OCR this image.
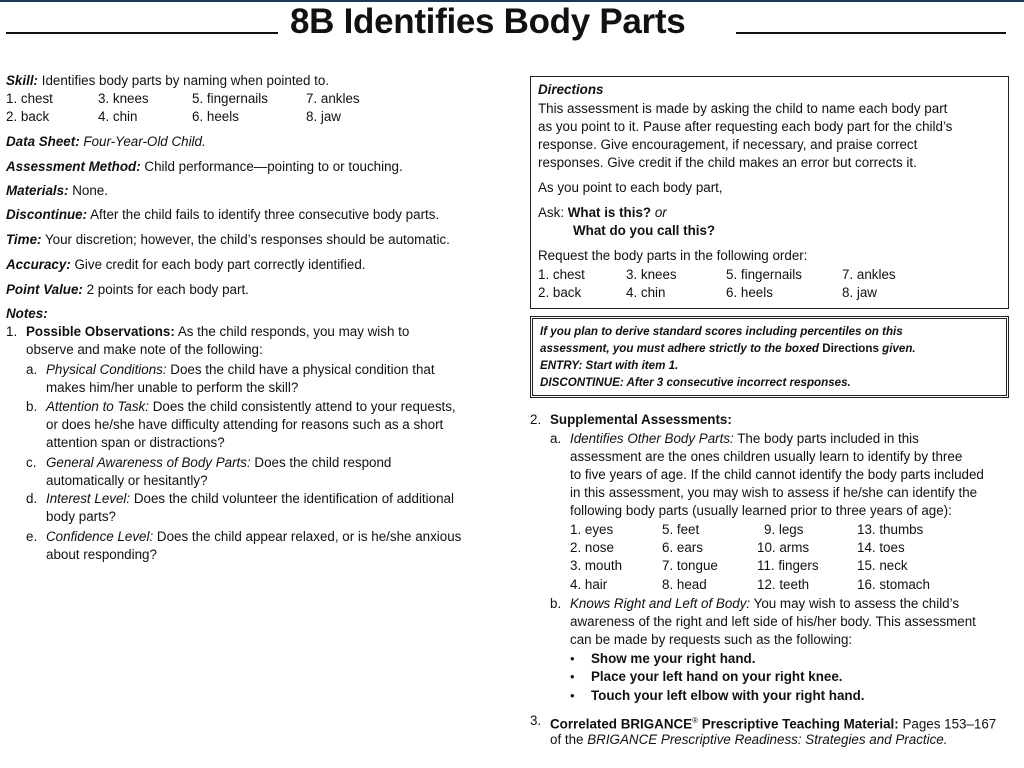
8B Identifies Body Parts
Skill: Identifies body parts by naming when pointed to.
1. chest	3. knees	5. fingernails	7. ankles
2. back	4. chin	6. heels	8. jaw
Data Sheet: Four-Year-Old Child.
Assessment Method: Child performance—pointing to or touching.
Materials: None.
Discontinue: After the child fails to identify three consecutive body parts.
Time: Your discretion; however, the child’s responses should be automatic.
Accuracy: Give credit for each body part correctly identified.
Point Value: 2 points for each body part.
Notes:
1. Possible Observations: As the child responds, you may wish to
observe and make note of the following:
a. Physical Conditions: Does the child have a physical condition that
makes him/her unable to perform the skill?
b. Attention to Task: Does the child consistently attend to your requests,
or does he/she have difficulty attending for reasons such as a short
attention span or distractions?
c. General Awareness of Body Parts: Does the child respond
automatically or hesitantly?
d. Interest Level: Does the child volunteer the identification of additional
body parts?
e. Confidence Level: Does the child appear relaxed, or is he/she anxious
about responding?
Directions
This assessment is made by asking the child to name each body part
as you point to it. Pause after requesting each body part for the child’s
response. Give encouragement, if necessary, and praise correct
responses. Give credit if the child makes an error but corrects it.
As you point to each body part,
Ask: What is this? or
What do you call this?
Request the body parts in the following order:
1. chest	3. knees	5. fingernails	7. ankles
2. back	4. chin	6. heels	8. jaw
If you plan to derive standard scores including percentiles on this
assessment, you must adhere strictly to the boxed Directions given.
ENTRY: Start with item 1.
DISCONTINUE: After 3 consecutive incorrect responses.
2. Supplemental Assessments:
a. Identifies Other Body Parts: The body parts included in this
assessment are the ones children usually learn to identify by three
to five years of age. If the child cannot identify the body parts included
in this assessment, you may wish to assess if he/she can identify the
following body parts (usually learned prior to three years of age):
1. eyes	5. feet	9. legs	13. thumbs
2. nose	6. ears	10. arms	14. toes
3. mouth	7. tongue	11. fingers	15. neck
4. hair	8. head	12. teeth	16. stomach
b. Knows Right and Left of Body: You may wish to assess the child’s
awareness of the right and left side of his/her body. This assessment
can be made by requests such as the following:
• Show me your right hand.
• Place your left hand on your right knee.
• Touch your left elbow with your right hand.
3. Correlated BRIGANCE® Prescriptive Teaching Material: Pages 153–167
of the BRIGANCE Prescriptive Readiness: Strategies and Practice.
